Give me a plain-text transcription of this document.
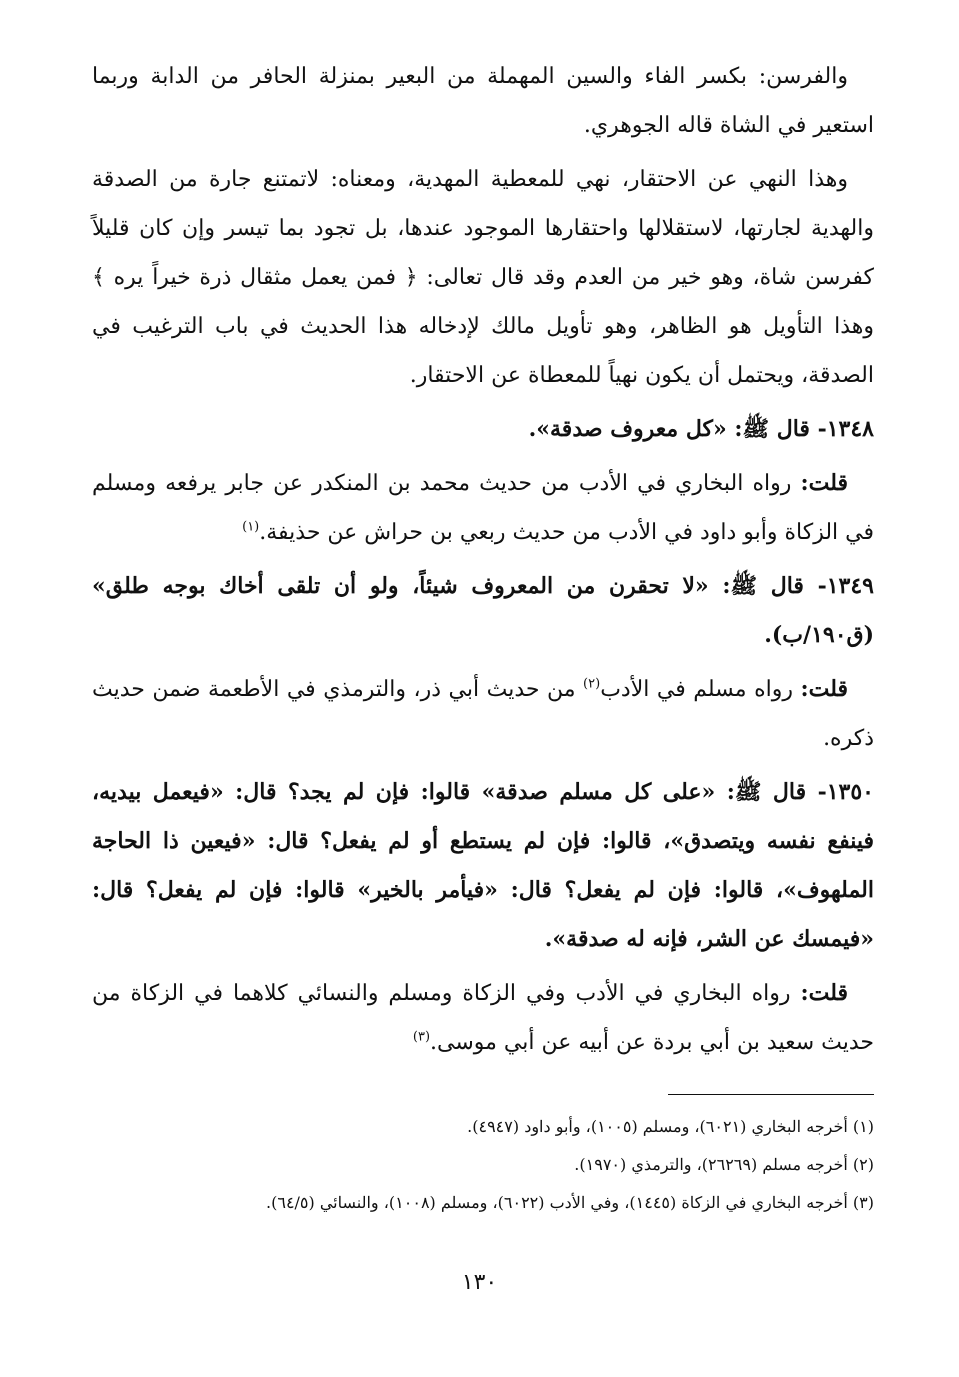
والفرسن: بكسر الفاء والسين المهملة من البعير بمنزلة الحافر من الدابة وربما استعير في الشاة قاله الجوهري.

وهذا النهي عن الاحتقار، نهي للمعطية المهدية، ومعناه: لاتمتنع جارة من الصدقة والهدية لجارتها، لاستقلالها واحتقارها الموجود عندها، بل تجود بما تيسر وإن كان قليلاً كفرسن شاة، وهو خير من العدم وقد قال تعالى: ﴿ فمن يعمل مثقال ذرة خيراً يره ﴾ وهذا التأويل هو الظاهر، وهو تأويل مالك لإدخاله هذا الحديث في باب الترغيب في الصدقة، ويحتمل أن يكون نهياً للمعطاة عن الاحتقار.

١٣٤٨- قال ﷺ: «كل معروف صدقة».

قلت: رواه البخاري في الأدب من حديث محمد بن المنكدر عن جابر يرفعه ومسلم في الزكاة وأبو داود في الأدب من حديث ربعي بن حراش عن حذيفة.$^{(١)}$

١٣٤٩- قال ﷺ: «لا تحقرن من المعروف شيئاً، ولو أن تلقى أخاك بوجه طلق» (ق١٩٠/ب).

قلت: رواه مسلم في الأدب$^{(٢)}$ من حديث أبي ذر، والترمذي في الأطعمة ضمن حديث ذكره.

١٣٥٠- قال ﷺ: «على كل مسلم صدقة» قالوا: فإن لم يجد؟ قال: «فيعمل بيديه، فينفع نفسه ويتصدق»، قالوا: فإن لم يستطع أو لم يفعل؟ قال: «فيعين ذا الحاجة الملهوف»، قالوا: فإن لم يفعل؟ قال: «فيأمر بالخير» قالوا: فإن لم يفعل؟ قال: «فيمسك عن الشر، فإنه له صدقة».

قلت: رواه البخاري في الأدب وفي الزكاة ومسلم والنسائي كلاهما في الزكاة من حديث سعيد بن أبي بردة عن أبيه عن أبي موسى.$^{(٣)}$

(١) أخرجه البخاري (٦٠٢١)، ومسلم (١٠٠٥)، وأبو داود (٤٩٤٧).

(٢) أخرجه مسلم (٢٦٢٦٩)، والترمذي (١٩٧٠).

(٣) أخرجه البخاري في الزكاة (١٤٤٥)، وفي الأدب (٦٠٢٢)، ومسلم (١٠٠٨)، والنسائي (٦٤/٥).

١٣٠
